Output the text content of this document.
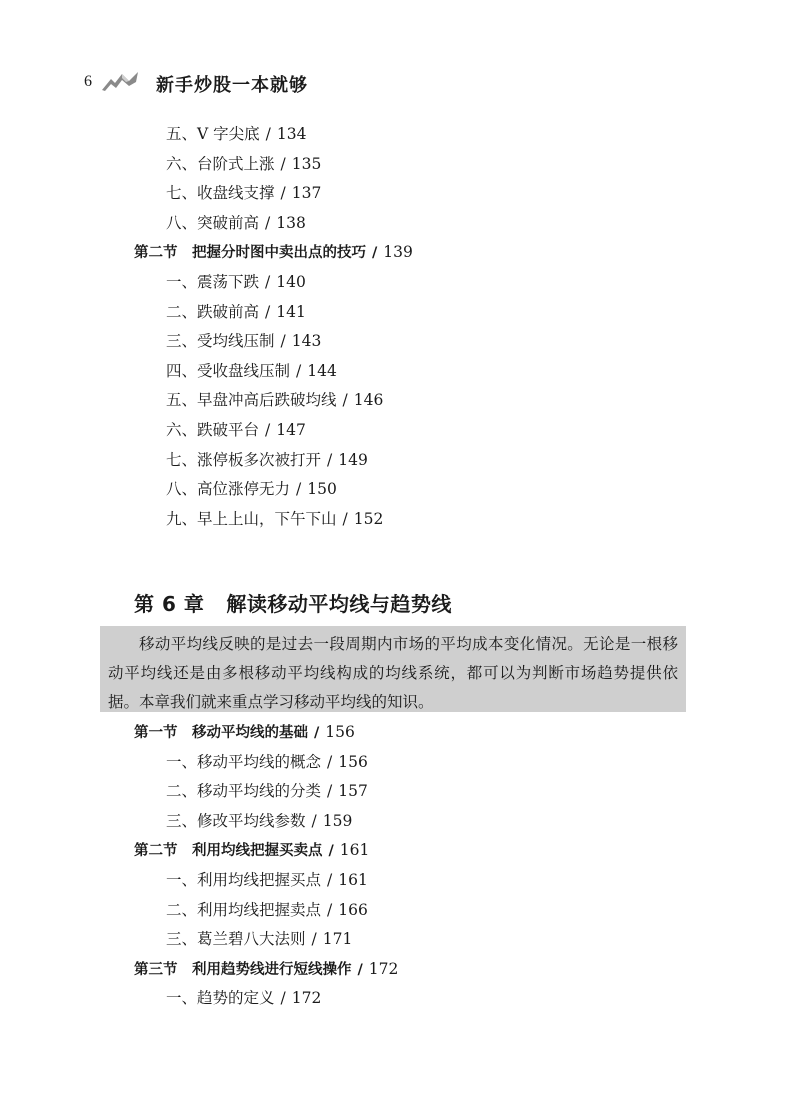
6	新手炒股一本就够
五、V 字尖底 / 134
六、台阶式上涨 / 135
七、收盘线支撑 / 137
八、突破前高 / 138
第二节　把握分时图中卖出点的技巧 / 139
一、震荡下跌 / 140
二、跌破前高 / 141
三、受均线压制 / 143
四、受收盘线压制 / 144
五、早盘冲高后跌破均线 / 146
六、跌破平台 / 147
七、涨停板多次被打开 / 149
八、高位涨停无力 / 150
九、早上上山，下午下山 / 152
第 6 章 解读移动平均线与趋势线
移动平均线反映的是过去一段周期内市场的平均成本变化情况。无论是一根移动平均线还是由多根移动平均线构成的均线系统，都可以为判断市场趋势提供依据。本章我们就来重点学习移动平均线的知识。
第一节　移动平均线的基础 / 156
一、移动平均线的概念 / 156
二、移动平均线的分类 / 157
三、修改平均线参数 / 159
第二节　利用均线把握买卖点 / 161
一、利用均线把握买点 / 161
二、利用均线把握卖点 / 166
三、葛兰碧八大法则 / 171
第三节　利用趋势线进行短线操作 / 172
一、趋势的定义 / 172
